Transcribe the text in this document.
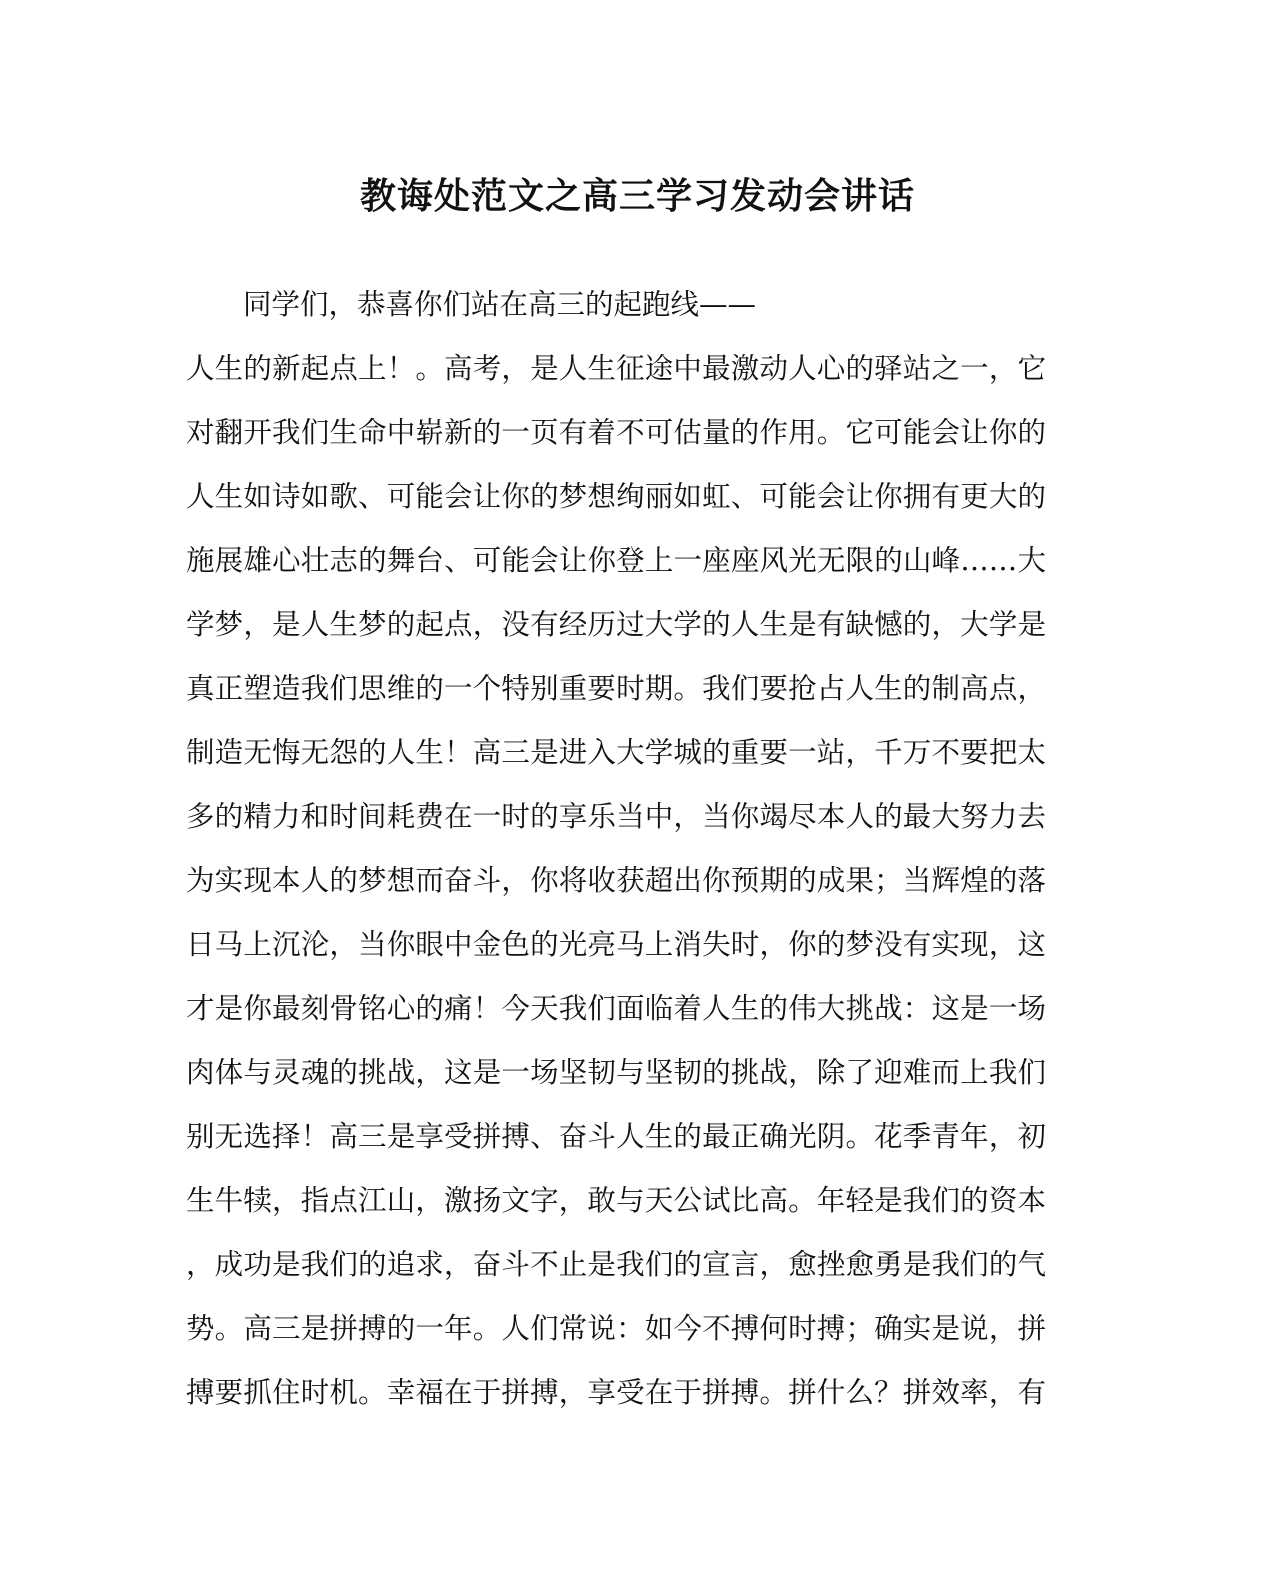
教诲处范文之高三学习发动会讲话
同学们，恭喜你们站在高三的起跑线——
人生的新起点上！。高考，是人生征途中最激动人心的驿站之一，它
对翻开我们生命中崭新的一页有着不可估量的作用。它可能会让你的
人生如诗如歌、可能会让你的梦想绚丽如虹、可能会让你拥有更大的
施展雄心壮志的舞台、可能会让你登上一座座风光无限的山峰……大
学梦，是人生梦的起点，没有经历过大学的人生是有缺憾的，大学是
真正塑造我们思维的一个特别重要时期。我们要抢占人生的制高点，
制造无悔无怨的人生！高三是进入大学城的重要一站，千万不要把太
多的精力和时间耗费在一时的享乐当中，当你竭尽本人的最大努力去
为实现本人的梦想而奋斗，你将收获超出你预期的成果；当辉煌的落
日马上沉沦，当你眼中金色的光亮马上消失时，你的梦没有实现，这
才是你最刻骨铭心的痛！今天我们面临着人生的伟大挑战：这是一场
肉体与灵魂的挑战，这是一场坚韧与坚韧的挑战，除了迎难而上我们
别无选择！高三是享受拼搏、奋斗人生的最正确光阴。花季青年，初
生牛犊，指点江山，激扬文字，敢与天公试比高。年轻是我们的资本
，成功是我们的追求，奋斗不止是我们的宣言，愈挫愈勇是我们的气
势。高三是拼搏的一年。人们常说：如今不搏何时搏；确实是说，拼
搏要抓住时机。幸福在于拼搏，享受在于拼搏。拼什么？拼效率，有
